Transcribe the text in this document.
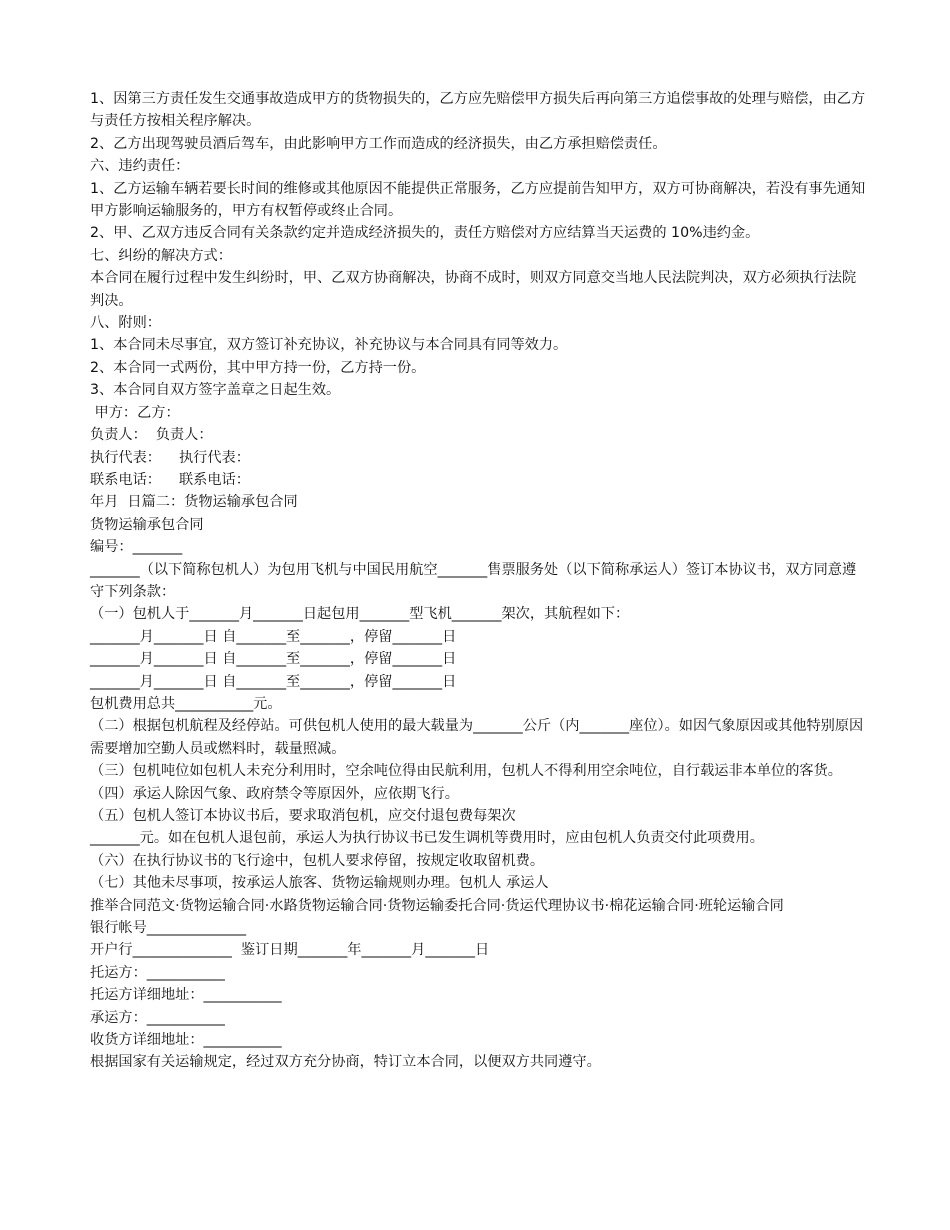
1、因第三方责任发生交通事故造成甲方的货物损失的，乙方应先赔偿甲方损失后再向第三方追偿事故的处理与赔偿，由乙方与责任方按相关程序解决。

2、乙方出现驾驶员酒后驾车，由此影响甲方工作而造成的经济损失，由乙方承担赔偿责任。

六、违约责任：

1、乙方运输车辆若要长时间的维修或其他原因不能提供正常服务，乙方应提前告知甲方，双方可协商解决，若没有事先通知甲方影响运输服务的，甲方有权暂停或终止合同。

2、甲、乙双方违反合同有关条款约定并造成经济损失的，责任方赔偿对方应结算当天运费的 10%违约金。

七、纠纷的解决方式：

本合同在履行过程中发生纠纷时，甲、乙双方协商解决，协商不成时，则双方同意交当地人民法院判决，双方必须执行法院判决。

八、附则：

1、本合同未尽事宜，双方签订补充协议，补充协议与本合同具有同等效力。

2、本合同一式两份，其中甲方持一份，乙方持一份。

3、本合同自双方签字盖章之日起生效。

甲方：乙方：

负责人：  负责人：

执行代表：    执行代表：

联系电话：    联系电话：

年月  日篇二：货物运输承包合同

货物运输承包合同

编号：_______

_______（以下简称包机人）为包用飞机与中国民用航空_______售票服务处（以下简称承运人）签订本协议书，双方同意遵守下列条款：

（一）包机人于_______月_______日起包用_______型飞机_______架次，其航程如下：

_______月_______日 自_______至_______，停留_______日

_______月_______日 自_______至_______，停留_______日

_______月_______日 自_______至_______，停留_______日

包机费用总共___________元。

（二）根据包机航程及经停站。可供包机人使用的最大载量为_______公斤（内_______座位）。如因气象原因或其他特别原因需要增加空勤人员或燃料时，载量照减。

（三）包机吨位如包机人未充分利用时，空余吨位得由民航利用，包机人不得利用空余吨位，自行载运非本单位的客货。

（四）承运人除因气象、政府禁令等原因外，应依期飞行。

（五）包机人签订本协议书后，要求取消包机，应交付退包费每架次

_______元。如在包机人退包前，承运人为执行协议书已发生调机等费用时，应由包机人负责交付此项费用。

（六）在执行协议书的飞行途中，包机人要求停留，按规定收取留机费。

（七）其他未尽事项，按承运人旅客、货物运输规则办理。包机人 承运人

推举合同范文·货物运输合同·水路货物运输合同·货物运输委托合同·货运代理协议书·棉花运输合同·班轮运输合同

银行帐号______________

开户行______________  鉴订日期_______年_______月_______日

托运方：___________

托运方详细地址：___________

承运方：___________

收货方详细地址：___________

根据国家有关运输规定，经过双方充分协商，特订立本合同，以便双方共同遵守。
